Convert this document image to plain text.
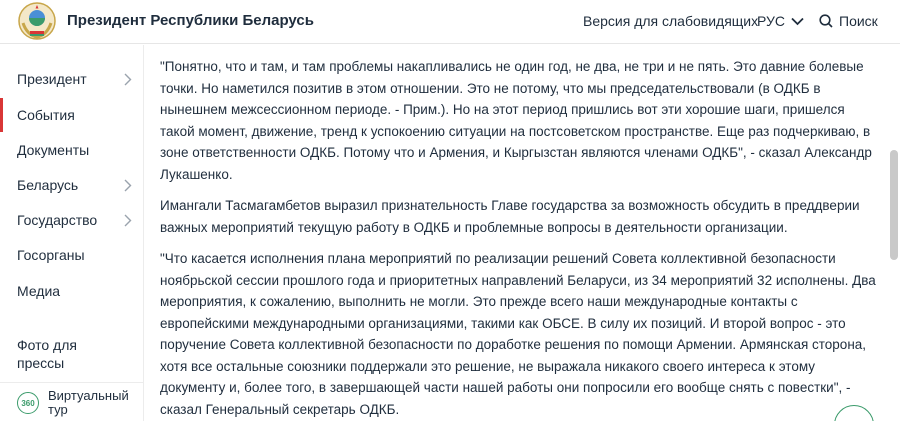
Президент Республики Беларусь	Версия для слабовидящих
РУС	Поиск
Президент
События
Документы
Беларусь
Государство
Госорганы
Медиа

Фото для
прессы

360	Виртуальный
тур

"Понятно, что и там, и там проблемы накапливались не один год, не два, не три и не пять. Это давние болевые точки. Но наметился позитив в этом отношении. Это не потому, что мы председательствовали (в ОДКБ в нынешнем межсессионном периоде. - Прим.). Но на этот период пришлись вот эти хорошие шаги, пришелся такой момент, движение, тренд к успокоению ситуации на постсоветском пространстве. Еще раз подчеркиваю, в зоне ответственности ОДКБ. Потому что и Армения, и Кыргызстан являются членами ОДКБ", - сказал Александр Лукашенко.

Имангали Тасмагамбетов выразил признательность Главе государства за возможность обсудить в преддверии важных мероприятий текущую работу в ОДКБ и проблемные вопросы в деятельности организации.

"Что касается исполнения плана мероприятий по реализации решений Совета коллективной безопасности ноябрьской сессии прошлого года и приоритетных направлений Беларуси, из 34 мероприятий 32 исполнены. Два мероприятия, к сожалению, выполнить не могли. Это прежде всего наши международные контакты с европейскими международными организациями, такими как ОБСЕ. В силу их позиций. И второй вопрос - это поручение Совета коллективной безопасности по доработке решения по помощи Армении. Армянская сторона, хотя все остальные союзники поддержали это решение, не выражала никакого своего интереса к этому документу и, более того, в завершающей части нашей работы они попросили его вообще снять с повестки", - сказал Генеральный секретарь ОДКБ.
